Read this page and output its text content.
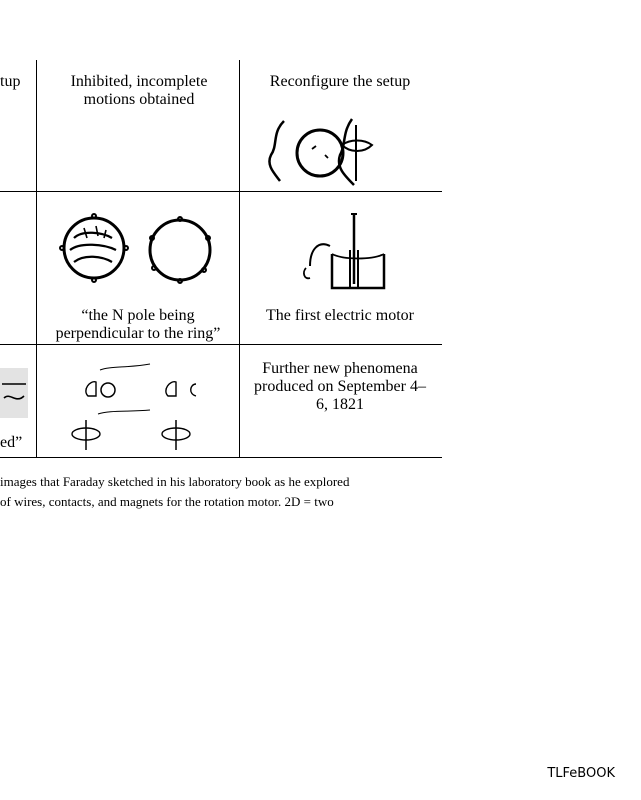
tup	Inhibited, incomplete motions obtained
Reconfigure the setup
“the N pole being
perpendicular to the ring”
The first electric motor
ed”
Further new phenomena produced on September 4–6, 1821
images that Faraday sketched in his laboratory book as he explored
of wires, contacts, and magnets for the rotation motor. 2D = two
TLFeBOOK
